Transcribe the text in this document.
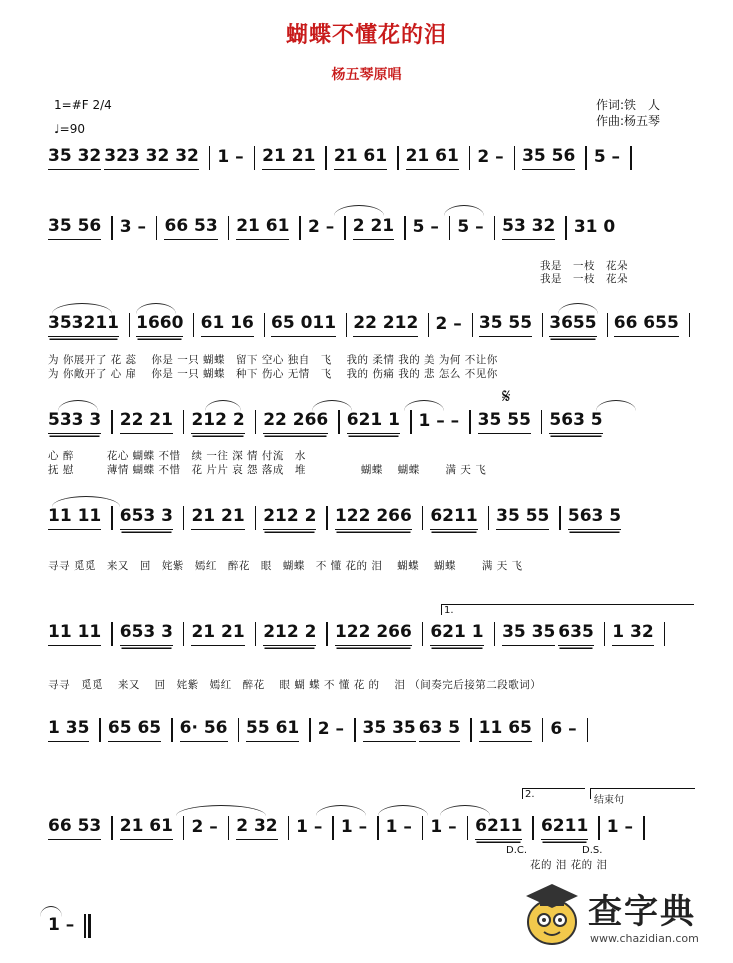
蝴蝶不懂花的泪
杨五琴原唱
1=#F 2/4
♩=90
作词:铁　人
作曲:杨五琴
35 32 323 32 32 1 – 21 21 21 61 21 61 2 – 35 56 5 –
35 56 3 – 66 53 21 61 2 – 2 21 5 – 5 – 53 32 31 0
我是　一枝　花朵
我是　一枝　花朵
353211 1660 61 16 65 011 22 212 2 – 35 55 3655 66 655
为 你展开了 花 蕊　 你是 一只 蝴蝶　留下 空心 独自　飞　 我的 柔情 我的 美 为何 不让你
为 你敞开了 心 扉　 你是 一只 蝴蝶　种下 伤心 无情　飞　 我的 伤痛 我的 悲 怎么 不见你
533 3 22 21 212 2 22 266 621 1 1 – – 35 55 563 5
𝄋
心 醉　　　花心 蝴蝶 不惜　续 一往 深 情 付流　水
抚 慰　　　薄情 蝴蝶 不惜　花 片片 哀 怨 落成　堆　　　　　蝴蝶　 蝴蝶　　 满 天 飞
11 11 653 3 21 21 212 2 122 266 6211 35 55 563 5
寻寻 觅觅　来又　回　姹紫　嫣红　醉花　眼　蝴蝶　不 懂 花的 泪　 蝴蝶　 蝴蝶　　 满 天 飞
1.
11 11 653 3 21 21 212 2 122 266 621 1 35 35 635 1 32
寻寻　觅觅　 来又　 回　姹紫　嫣红　醉花　 眼 蝴 蝶 不 懂 花 的　 泪 （间奏完后接第二段歌词）
1 35 65 65 6· 56 55 61 2 – 35 35 63 5 11 65 6 –
2.
结束句
66 53 21 61 2 – 2 32 1 – 1 – 1 – 1 – 6211 6211 1 –
D.C.	D.S.
花的 泪 花的 泪
1 –	查字典
www.chazidian.com
